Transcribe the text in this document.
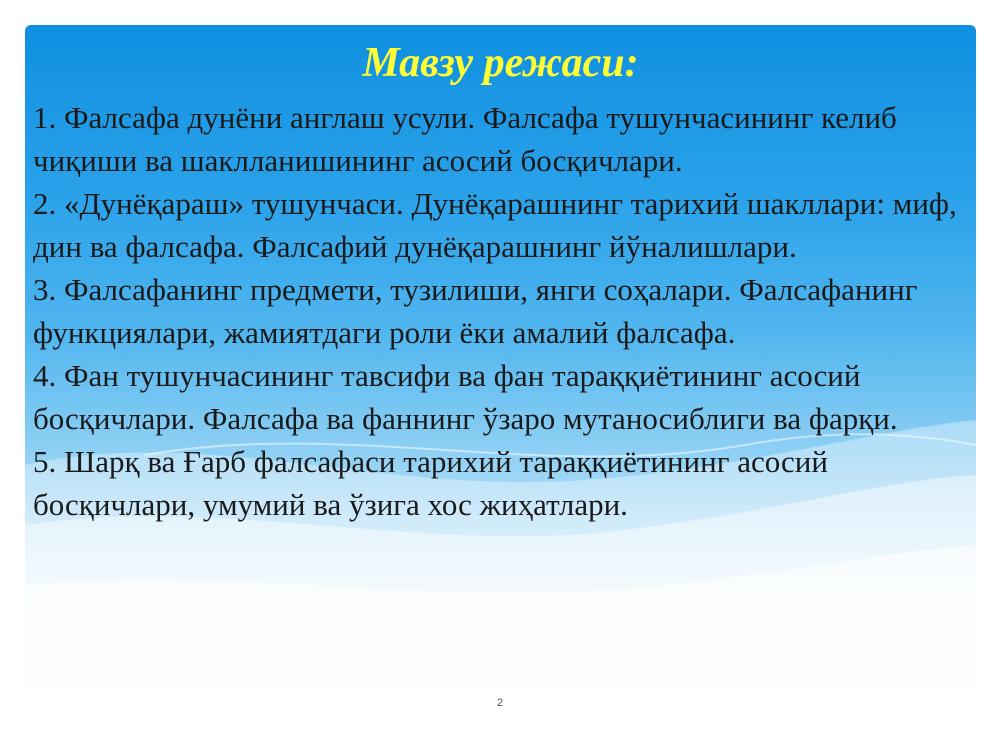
Мавзу режаси:

1. Фалсафа дунёни англаш усули. Фалсафа тушунчасининг келиб чиқиши ва шаклланишининг асосий босқичлари.

2. «Дунёқараш» тушунчаси. Дунёқарашнинг тарихий шакллари: миф, дин ва фалсафа. Фалсафий дунёқарашнинг йўналишлари.

3. Фалсафанинг предмети, тузилиши, янги соҳалари. Фалсафанинг функциялари, жамиятдаги роли ёки амалий фалсафа.

4. Фан тушунчасининг тавсифи ва фан тараққиётининг асосий босқичлари. Фалсафа ва фаннинг ўзаро мутаносиблиги ва фарқи.

5. Шарқ ва Ғарб фалсафаси тарихий тараққиётининг асосий босқичлари, умумий ва ўзига хос жиҳатлари.

2
